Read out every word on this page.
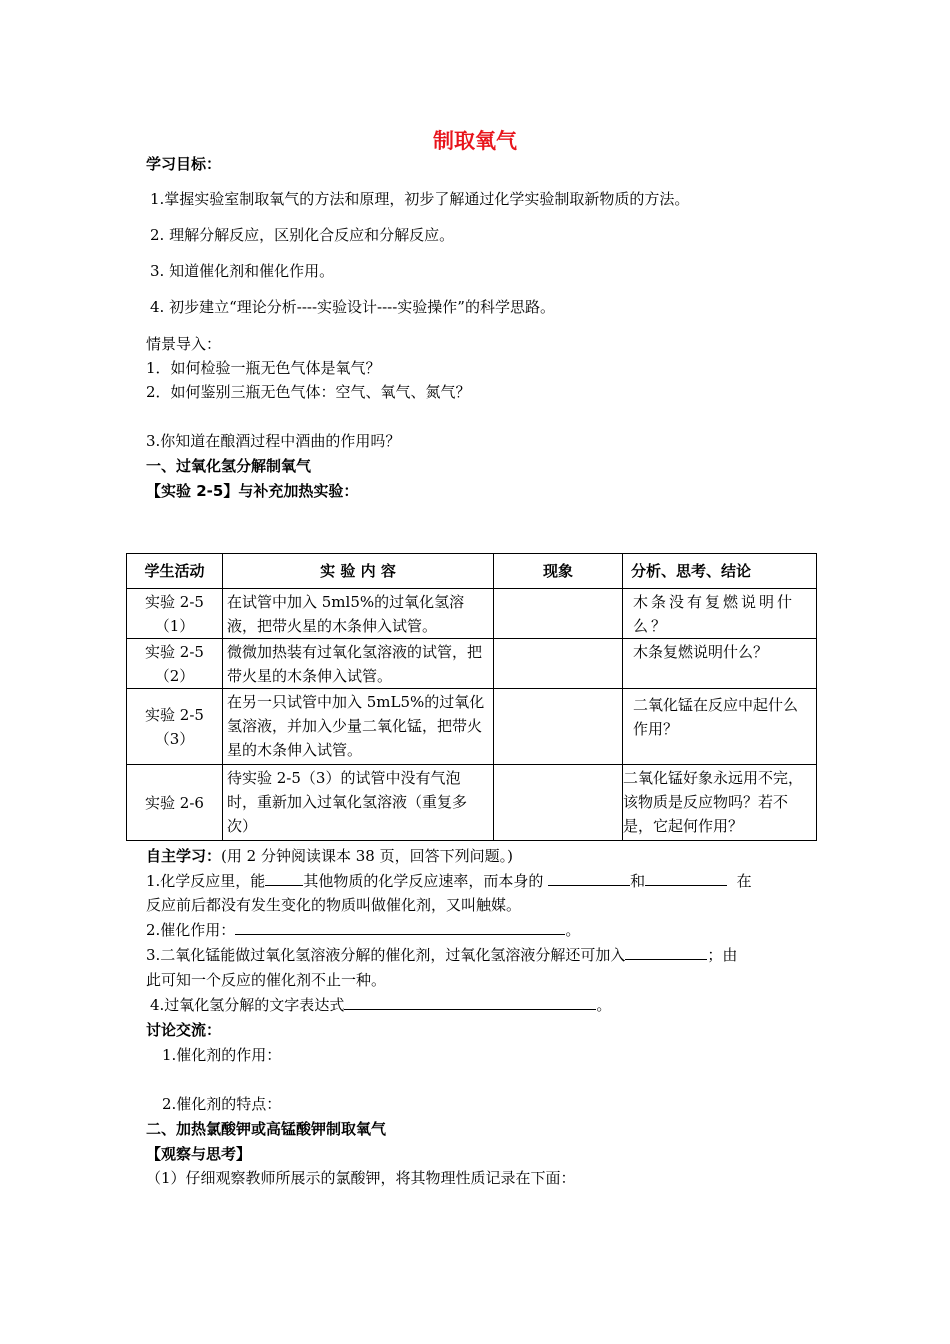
制取氧气
学习目标：
1.掌握实验室制取氧气的方法和原理，初步了解通过化学实验制取新物质的方法。
2. 理解分解反应，区别化合反应和分解反应。
3. 知道催化剂和催化作用。
4. 初步建立“理论分析----实验设计----实验操作”的科学思路。
情景导入：
1．如何检验一瓶无色气体是氧气？
2．如何鉴别三瓶无色气体：空气、氧气、氮气？
3.你知道在酿酒过程中酒曲的作用吗？
一、过氧化氢分解制氧气
【实验 2-5】与补充加热实验：
学生活动	实 验 内 容	现象	分析、思考、结论

实验 2-5
（1）	在试管中加入 5ml5%的过氧化氢溶液，把带火星的木条伸入试管。		木条没有复燃说明什么？

实验 2-5
（2）	微微加热装有过氧化氢溶液的试管，把带火星的木条伸入试管。		木条复燃说明什么？

实验 2-5
（3）	在另一只试管中加入 5mL5%的过氧化氢溶液，并加入少量二氧化锰，把带火星的木条伸入试管。		二氧化锰在反应中起什么作用？

实验 2-6	待实验 2-5（3）的试管中没有气泡时，重新加入过氧化氢溶液（重复多次）		二氧化锰好象永远用不完，该物质是反应物吗？若不是，它起何作用？
自主学习：(用 2 分钟阅读课本 38 页，回答下列问题。)
1.化学反应里，能	其他物质的化学反应速率，而本身的	和	在
反应前后都没有发生变化的物质叫做催化剂，又叫触媒。
2.催化作用：	。
3.二氧化锰能做过氧化氢溶液分解的催化剂，过氧化氢溶液分解还可加入	；由
此可知一个反应的催化剂不止一种。
4.过氧化氢分解的文字表达式	。
讨论交流：
1.催化剂的作用：
2.催化剂的特点：
二、加热氯酸钾或高锰酸钾制取氧气
【观察与思考】
（1）仔细观察教师所展示的氯酸钾，将其物理性质记录在下面：
